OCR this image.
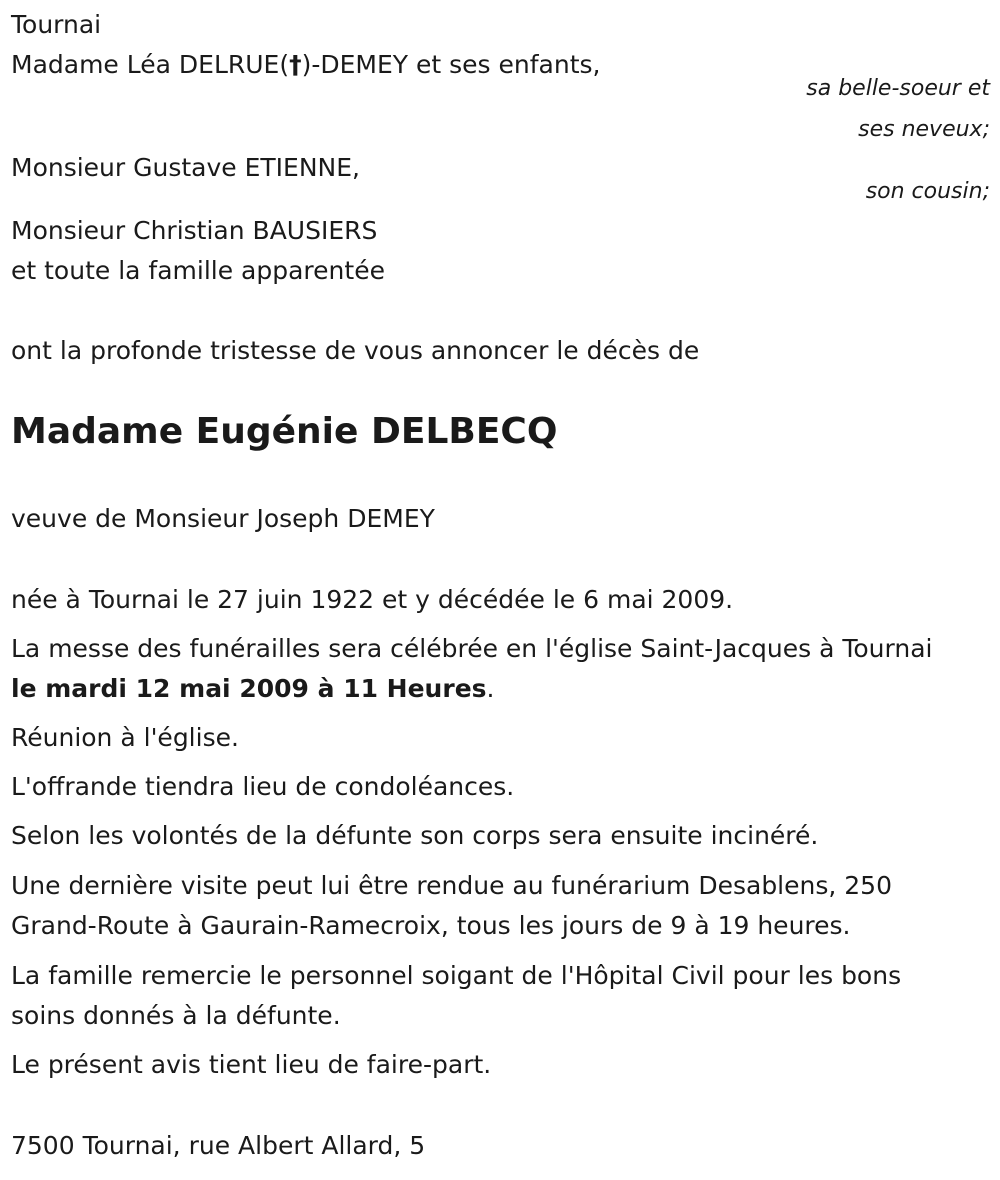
Tournai
Madame Léa DELRUE(†)-DEMEY et ses enfants,
sa belle-soeur et
ses neveux;
Monsieur Gustave ETIENNE,
son cousin;
Monsieur Christian BAUSIERS
et toute la famille apparentée
ont la profonde tristesse de vous annoncer le décès de
Madame Eugénie DELBECQ
veuve de Monsieur Joseph DEMEY
née à Tournai le 27 juin 1922 et y décédée le 6 mai 2009.
La messe des funérailles sera célébrée en l'église Saint-Jacques à Tournai
le mardi 12 mai 2009 à 11 Heures.
Réunion à l'église.
L'offrande tiendra lieu de condoléances.
Selon les volontés de la défunte son corps sera ensuite incinéré.
Une dernière visite peut lui être rendue au funérarium Desablens, 250
Grand-Route à Gaurain-Ramecroix, tous les jours de 9 à 19 heures.
La famille remercie le personnel soigant de l'Hôpital Civil pour les bons
soins donnés à la défunte.
Le présent avis tient lieu de faire-part.
7500 Tournai, rue Albert Allard, 5
